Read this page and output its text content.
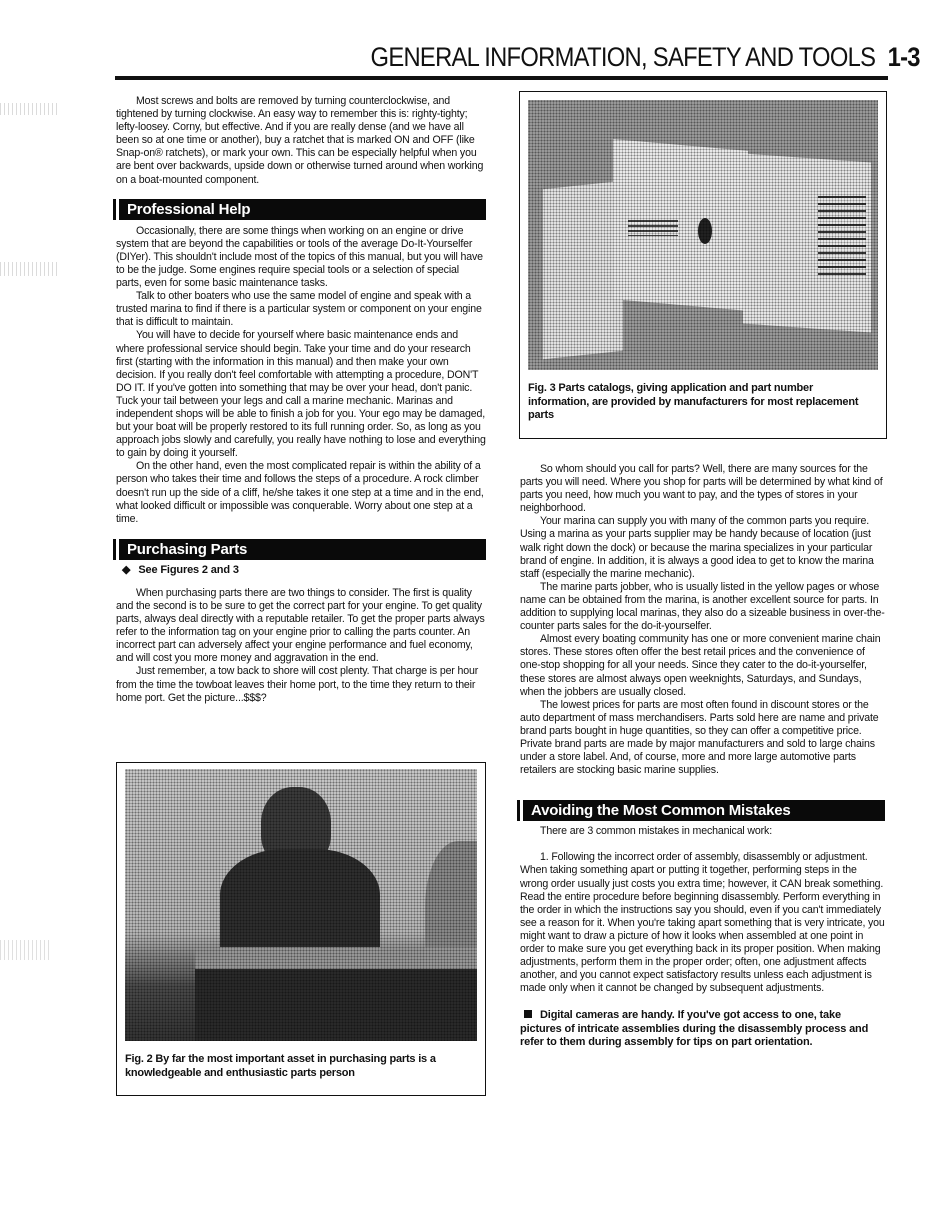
GENERAL INFORMATION, SAFETY AND TOOLS 1-3

Most screws and bolts are removed by turning counterclockwise, and tightened by turning clockwise. An easy way to remember this is: righty-tighty; lefty-loosey. Corny, but effective. And if you are really dense (and we have all been so at one time or another), buy a ratchet that is marked ON and OFF (like Snap-on® ratchets), or mark your own. This can be especially helpful when you are bent over backwards, upside down or otherwise turned around when working on a boat-mounted component.

Professional Help

Occasionally, there are some things when working on an engine or drive system that are beyond the capabilities or tools of the average Do-It-Yourselfer (DIYer). This shouldn't include most of the topics of this manual, but you will have to be the judge. Some engines require special tools or a selection of special parts, even for some basic maintenance tasks.

Talk to other boaters who use the same model of engine and speak with a trusted marina to find if there is a particular system or component on your engine that is difficult to maintain.

You will have to decide for yourself where basic maintenance ends and where professional service should begin. Take your time and do your research first (starting with the information in this manual) and then make your own decision. If you really don't feel comfortable with attempting a procedure, DON'T DO IT. If you've gotten into something that may be over your head, don't panic. Tuck your tail between your legs and call a marine mechanic. Marinas and independent shops will be able to finish a job for you. Your ego may be damaged, but your boat will be properly restored to its full running order. So, as long as you approach jobs slowly and carefully, you really have nothing to lose and everything to gain by doing it yourself.

On the other hand, even the most complicated repair is within the ability of a person who takes their time and follows the steps of a procedure. A rock climber doesn't run up the side of a cliff, he/she takes it one step at a time and in the end, what looked difficult or impossible was conquerable. Worry about one step at a time.

Purchasing Parts
◆ See Figures 2 and 3

When purchasing parts there are two things to consider. The first is quality and the second is to be sure to get the correct part for your engine. To get quality parts, always deal directly with a reputable retailer. To get the proper parts always refer to the information tag on your engine prior to calling the parts counter. An incorrect part can adversely affect your engine performance and fuel economy, and will cost you more money and aggravation in the end.

Just remember, a tow back to shore will cost plenty. That charge is per hour from the time the towboat leaves their home port, to the time they return to their home port. Get the picture...$$$?

Fig. 2 By far the most important asset in purchasing parts is a knowledgeable and enthusiastic parts person
Fig. 3 Parts catalogs, giving application and part number information, are provided by manufacturers for most replacement parts

So whom should you call for parts? Well, there are many sources for the parts you will need. Where you shop for parts will be determined by what kind of parts you need, how much you want to pay, and the types of stores in your neighborhood.

Your marina can supply you with many of the common parts you require. Using a marina as your parts supplier may be handy because of location (just walk right down the dock) or because the marina specializes in your particular brand of engine. In addition, it is always a good idea to get to know the marina staff (especially the marine mechanic).

The marine parts jobber, who is usually listed in the yellow pages or whose name can be obtained from the marina, is another excellent source for parts. In addition to supplying local marinas, they also do a sizeable business in over-the-counter parts sales for the do-it-yourselfer.

Almost every boating community has one or more convenient marine chain stores. These stores often offer the best retail prices and the convenience of one-stop shopping for all your needs. Since they cater to the do-it-yourselfer, these stores are almost always open weeknights, Saturdays, and Sundays, when the jobbers are usually closed.

The lowest prices for parts are most often found in discount stores or the auto department of mass merchandisers. Parts sold here are name and private brand parts bought in huge quantities, so they can offer a competitive price. Private brand parts are made by major manufacturers and sold to large chains under a store label. And, of course, more and more large automotive parts retailers are stocking basic marine supplies.

Avoiding the Most Common Mistakes

There are 3 common mistakes in mechanical work:

1. Following the incorrect order of assembly, disassembly or adjustment. When taking something apart or putting it together, performing steps in the wrong order usually just costs you extra time; however, it CAN break something. Read the entire procedure before beginning disassembly. Perform everything in the order in which the instructions say you should, even if you can't immediately see a reason for it. When you're taking apart something that is very intricate, you might want to draw a picture of how it looks when assembled at one point in order to make sure you get everything back in its proper position. When making adjustments, perform them in the proper order; often, one adjustment affects another, and you cannot expect satisfactory results unless each adjustment is made only when it cannot be changed by subsequent adjustments.

Digital cameras are handy. If you've got access to one, take pictures of intricate assemblies during the disassembly process and refer to them during assembly for tips on part orientation.
